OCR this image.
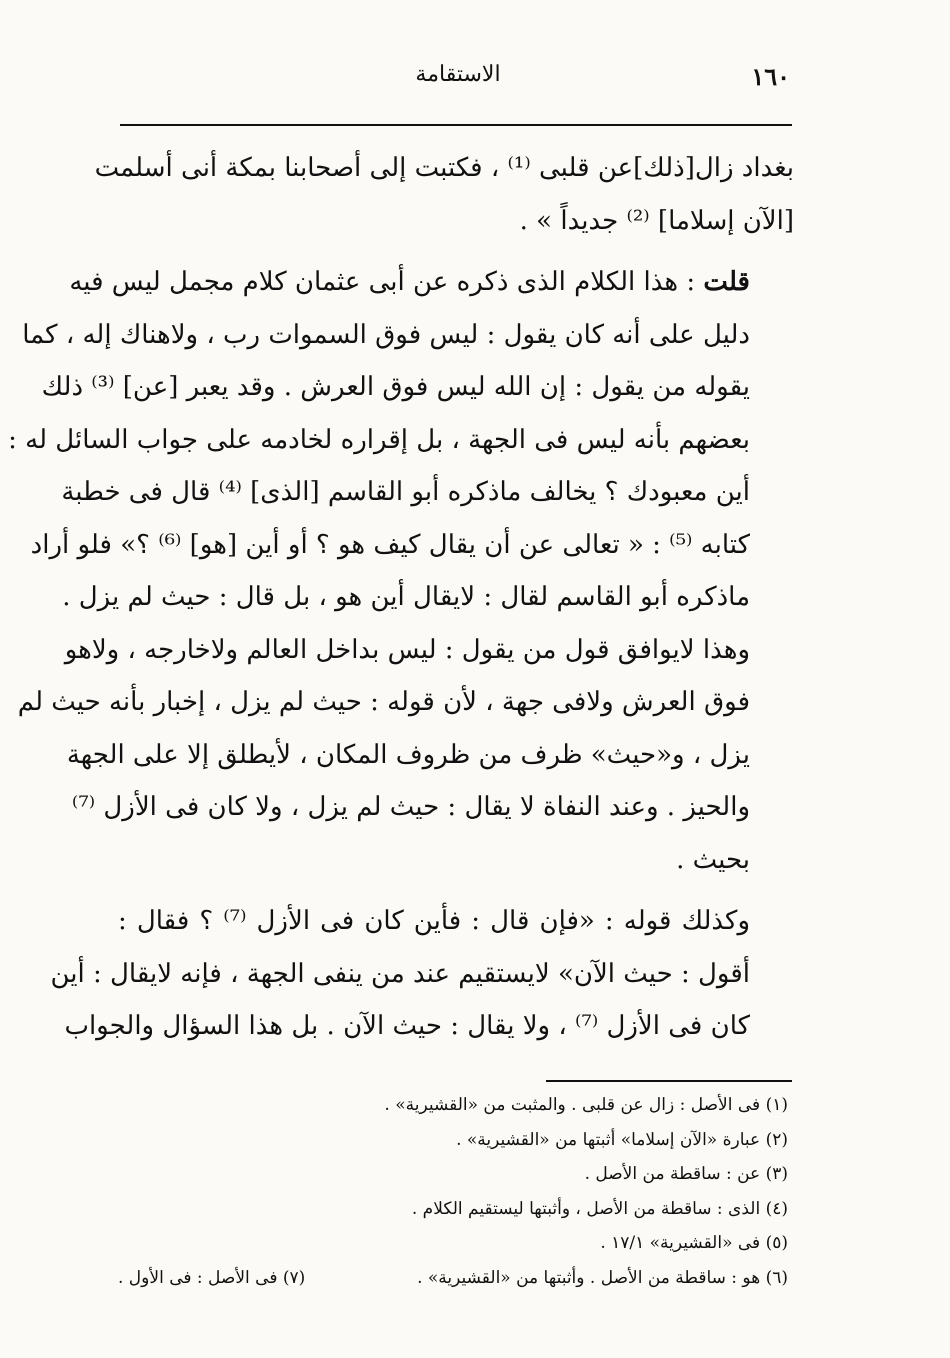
١٦٠
الاستقامة

بغداد زال[ذلك]عن قلبى ⁽¹⁾ ، فكتبت إلى أصحابنا بمكة أنى أسلمت
[الآن إسلاما] ⁽²⁾ جديداً » .

قلت : هذا الكلام الذى ذكره عن أبى عثمان كلام مجمل ليس فيه
دليل على أنه كان يقول : ليس فوق السموات رب ، ولاهناك إله ، كما
يقوله من يقول : إن الله ليس فوق العرش . وقد يعبر [عن] ⁽³⁾ ذلك
بعضهم بأنه ليس فى الجهة ، بل إقراره لخادمه على جواب السائل له :
أين معبودك ؟ يخالف ماذكره أبو القاسم [الذى] ⁽⁴⁾ قال فى خطبة
كتابه ⁽⁵⁾ : « تعالى عن أن يقال كيف هو ؟ أو أين [هو] ⁽⁶⁾ ؟» فلو أراد
ماذكره أبو القاسم لقال : لايقال أين هو ، بل قال : حيث لم يزل .
وهذا لايوافق قول من يقول : ليس بداخل العالم ولاخارجه ، ولاهو
فوق العرش ولافى جهة ، لأن قوله : حيث لم يزل ، إخبار بأنه حيث لم
يزل ، و«حيث» ظرف من ظروف المكان ، لأيطلق إلا على الجهة
والحيز . وعند النفاة لا يقال : حيث لم يزل ، ولا كان فى الأزل ⁽⁷⁾
بحيث .

وكذلك قوله : «فإن قال : فأين كان فى الأزل ⁽⁷⁾ ؟ فقال :
أقول : حيث الآن» لايستقيم عند من ينفى الجهة ، فإنه لايقال : أين
كان فى الأزل ⁽⁷⁾ ، ولا يقال : حيث الآن . بل هذا السؤال والجواب

(١) فى الأصل : زال عن قلبى . والمثبت من «القشيرية» .
(٢) عبارة «الآن إسلاما» أثبتها من «القشيرية» .
(٣) عن : ساقطة من الأصل .
(٤) الذى : ساقطة من الأصل ، وأثبتها ليستقيم الكلام .
(٥) فى «القشيرية» ١٧/١ .
(٦) هو : ساقطة من الأصل . وأثبتها من «القشيرية» .
(٧) فى الأصل : فى الأول .
